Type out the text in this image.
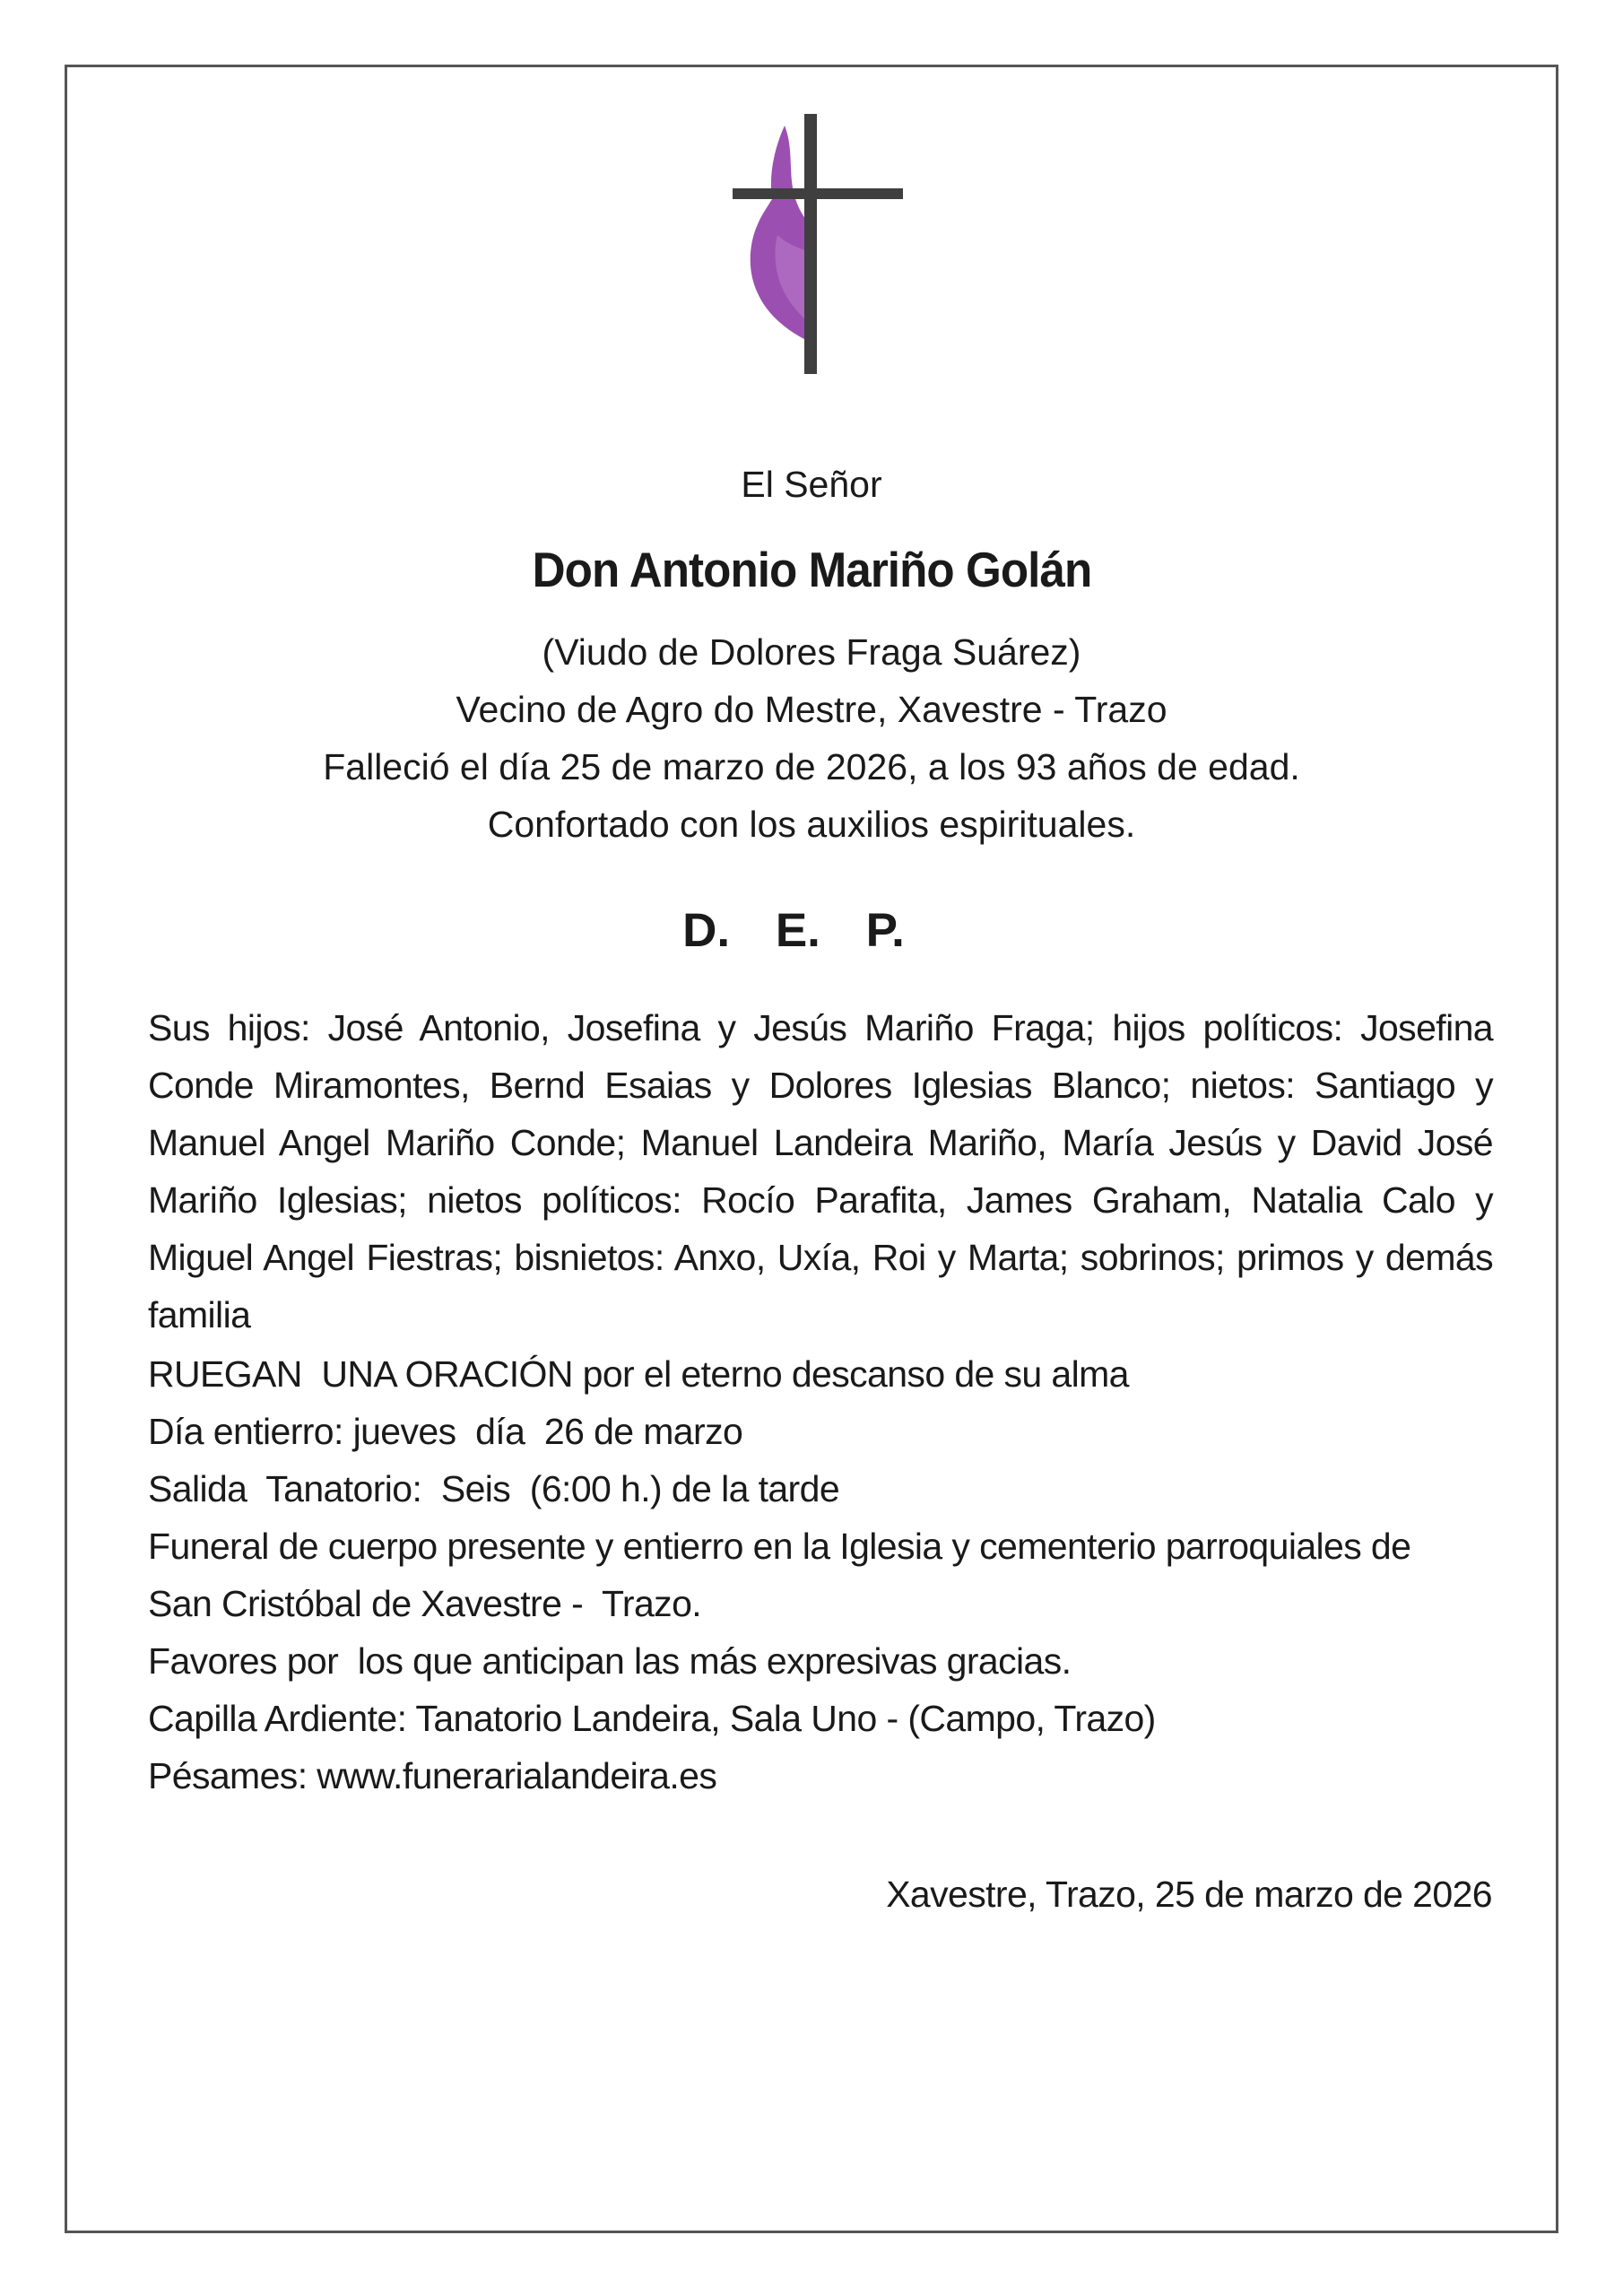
El Señor
Don Antonio Mariño Golán
(Viudo de Dolores Fraga Suárez)
Vecino de Agro do Mestre, Xavestre - Trazo
Falleció el día 25 de marzo de 2026, a los 93 años de edad.
Confortado con los auxilios espirituales.
D. E. P.
Sus hijos: José Antonio, Josefina y Jesús Mariño Fraga; hijos políticos: Josefina Conde Miramontes, Bernd Esaias y Dolores Iglesias Blanco; nietos: Santiago y Manuel Angel Mariño Conde; Manuel Landeira Mariño, María Jesús y David José Mariño Iglesias; nietos políticos: Rocío Parafita, James Graham, Natalia Calo y Miguel Angel Fiestras; bisnietos: Anxo, Uxía, Roi y Marta; sobrinos; primos y demás familia
RUEGAN  UNA ORACIÓN por el eterno descanso de su alma
Día entierro: jueves  día  26 de marzo
Salida  Tanatorio:  Seis  (6:00 h.) de la tarde
Funeral de cuerpo presente y entierro en la Iglesia y cementerio parroquiales de
San Cristóbal de Xavestre -  Trazo.
Favores por  los que anticipan las más expresivas gracias.
Capilla Ardiente: Tanatorio Landeira, Sala Uno - (Campo, Trazo)
Pésames: www.funerarialandeira.es
Xavestre, Trazo, 25 de marzo de 2026
